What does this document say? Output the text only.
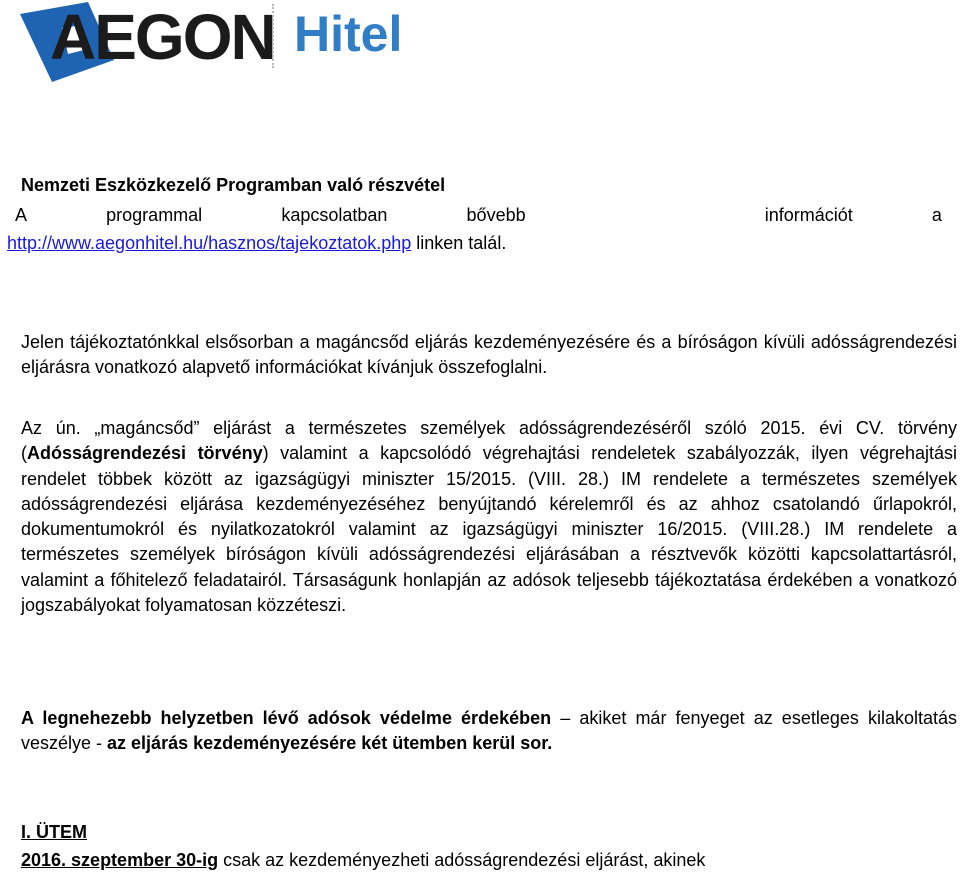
AEGON Hitel
Nemzeti Eszközkezelő Programban való részvétel
A	programmal	kapcsolatban	bővebb	információt	a
http://www.aegonhitel.hu/hasznos/tajekoztatok.php linken talál.
Jelen tájékoztatónkkal elsősorban a magáncsőd eljárás kezdeményezésére és a bíróságon kívüli adósságrendezési eljárásra vonatkozó alapvető információkat kívánjuk összefoglalni.
Az ún. „magáncsőd” eljárást a természetes személyek adósságrendezéséről szóló 2015. évi CV. törvény (Adósságrendezési törvény) valamint a kapcsolódó végrehajtási rendeletek szabályozzák, ilyen végrehajtási rendelet többek között az igazságügyi miniszter 15/2015. (VIII. 28.) IM rendelete a természetes személyek adósságrendezési eljárása kezdeményezéséhez benyújtandó kérelemről és az ahhoz csatolandó űrlapokról, dokumentumokról és nyilatkozatokról valamint az igazságügyi miniszter 16/2015. (VIII.28.) IM rendelete a természetes személyek bíróságon kívüli adósságrendezési eljárásában a résztvevők közötti kapcsolattartásról, valamint a főhitelező feladatairól. Társaságunk honlapján az adósok teljesebb tájékoztatása érdekében a vonatkozó jogszabályokat folyamatosan közzéteszi.
A legnehezebb helyzetben lévő adósok védelme érdekében – akiket már fenyeget az esetleges kilakoltatás veszélye - az eljárás kezdeményezésére két ütemben kerül sor.
I. ÜTEM
2016. szeptember 30-ig csak az kezdeményezheti adósságrendezési eljárást, akinek
